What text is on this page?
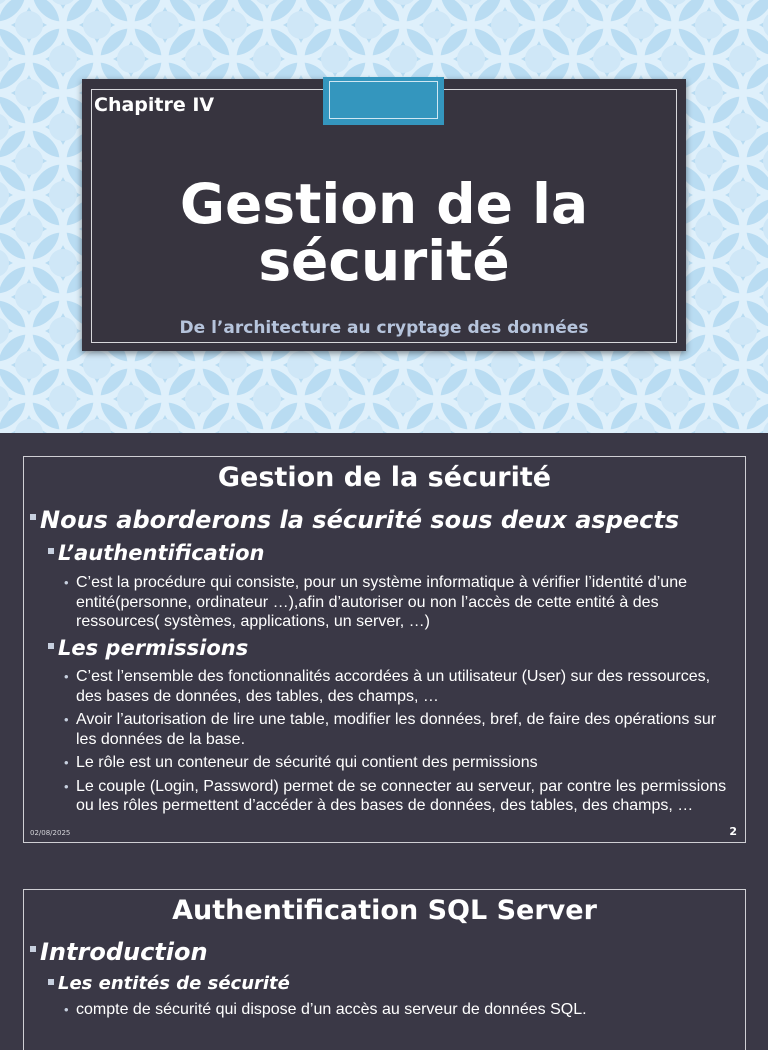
Chapitre IV
Gestion de la
sécurité
De l’architecture au cryptage des données
Gestion de la sécurité
Nous aborderons la sécurité sous deux aspects
L’authentification
• C’est la procédure qui consiste, pour un système informatique à vérifier l’identité d’une entité(personne, ordinateur …),afin d’autoriser ou non l’accès de cette entité à des ressources( systèmes, applications, un server, …)
Les permissions
• C’est l’ensemble des fonctionnalités accordées à un utilisateur (User) sur des ressources, des bases de données, des tables, des champs, …
• Avoir l’autorisation de lire une table, modifier les données, bref, de faire des opérations sur les données de la base.
• Le rôle est un conteneur de sécurité qui contient des permissions
• Le couple (Login, Password) permet de se connecter au serveur, par contre les permissions ou les rôles permettent d’accéder à des bases de données, des tables, des champs, …
02/08/2025	2
Authentification SQL Server
Introduction
Les entités de sécurité
• compte de sécurité qui dispose d’un accès au serveur de données SQL.
